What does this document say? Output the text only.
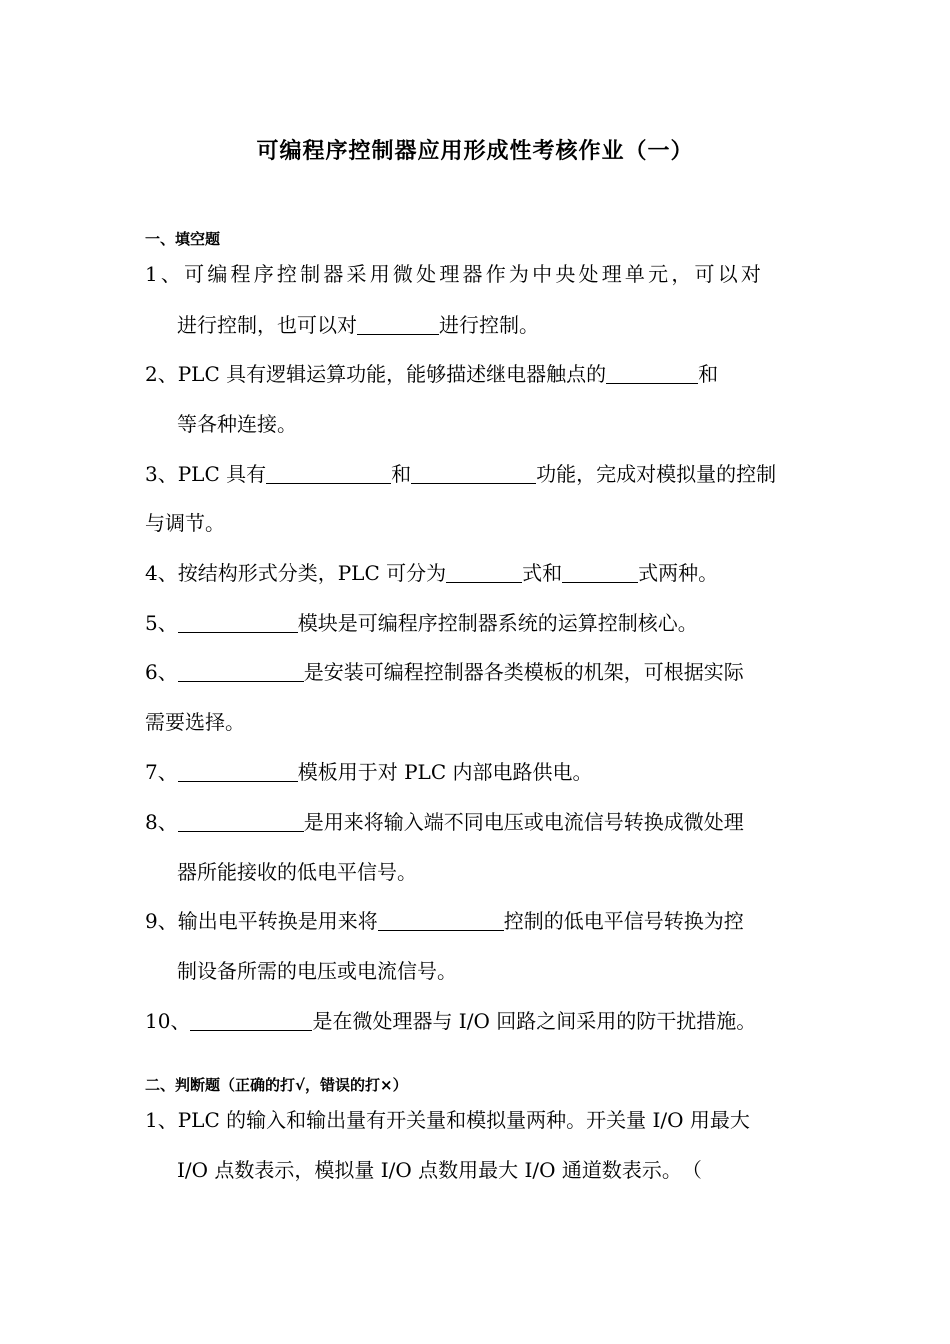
可编程序控制器应用形成性考核作业（一）
一、填空题
1、可编程序控制器采用微处理器作为中央处理单元，可以对
进行控制，也可以对	进行控制。
2、PLC 具有逻辑运算功能，能够描述继电器触点的	和
等各种连接。
3、PLC 具有	和	功能，完成对模拟量的控制
与调节。
4、按结构形式分类，PLC 可分为	式和	式两种。
5、	模块是可编程序控制器系统的运算控制核心。
6、	是安装可编程控制器各类模板的机架，可根据实际
需要选择。
7、	模板用于对 PLC 内部电路供电。
8、	是用来将输入端不同电压或电流信号转换成微处理
器所能接收的低电平信号。
9、输出电平转换是用来将	控制的低电平信号转换为控
制设备所需的电压或电流信号。
10、	是在微处理器与 I/O 回路之间采用的防干扰措施。
二、判断题（正确的打√，错误的打×）
1、PLC 的输入和输出量有开关量和模拟量两种。开关量 I/O 用最大
I/O 点数表示，模拟量 I/O 点数用最大 I/O 通道数表示。　（
